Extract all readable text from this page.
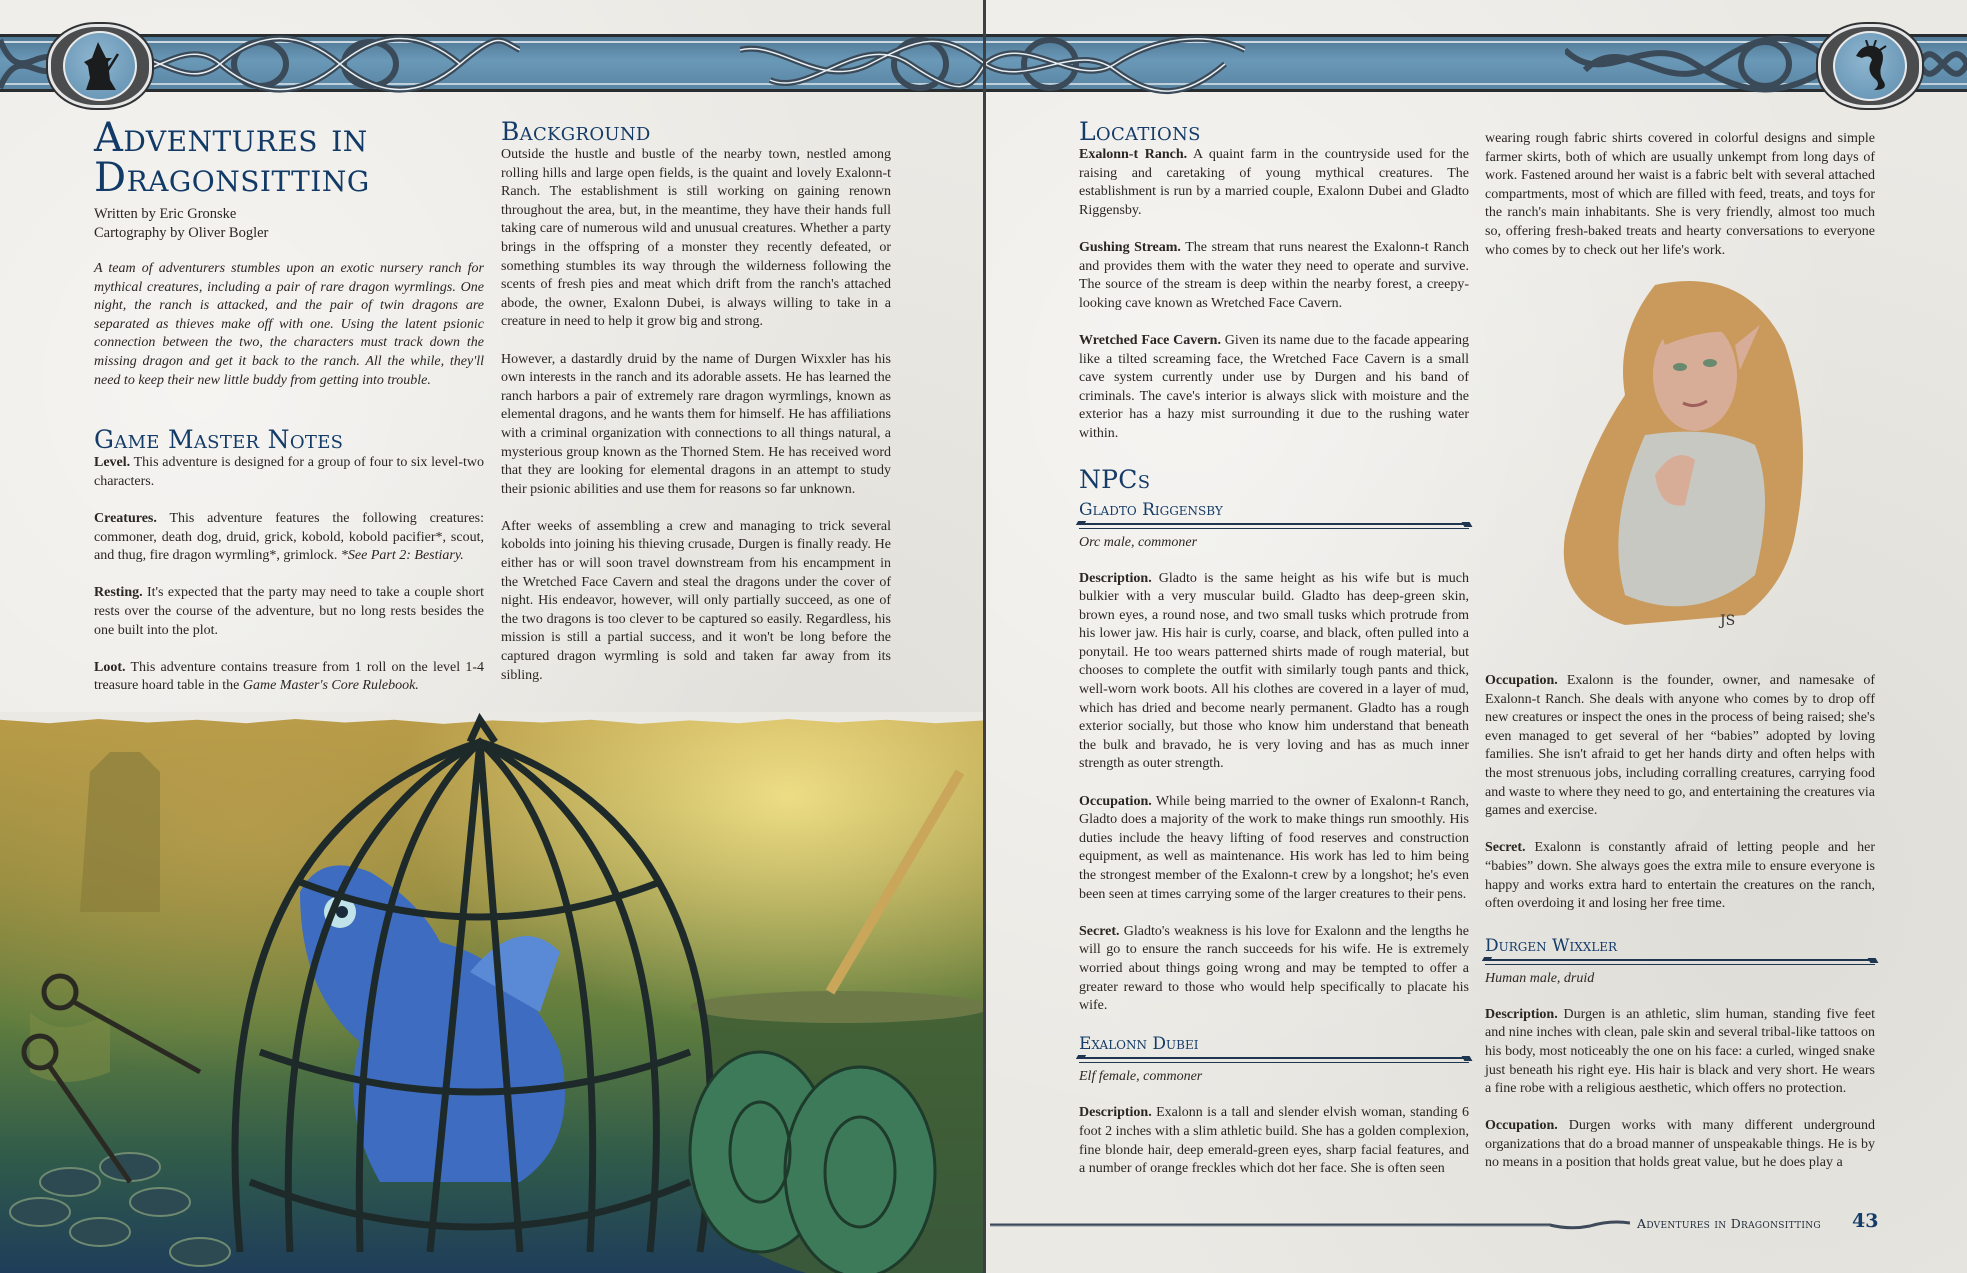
Adventures in
Dragonsitting
Written by Eric Gronske
Cartography by Oliver Bogler

A team of adventurers stumbles upon an exotic nursery ranch for mythical creatures, including a pair of rare dragon wyrmlings. One night, the ranch is attacked, and the pair of twin dragons are separated as thieves make off with one. Using the latent psionic connection between the two, the characters must track down the missing dragon and get it back to the ranch. All the while, they'll need to keep their new little buddy from getting into trouble.

Game Master Notes

Level. This adventure is designed for a group of four to six level-two characters.

Creatures. This adventure features the following creatures: commoner, death dog, druid, grick, kobold, kobold pacifier*, scout, and thug, fire dragon wyrmling*, grimlock. *See Part 2: Bestiary.

Resting. It's expected that the party may need to take a couple short rests over the course of the adventure, but no long rests besides the one built into the plot.

Loot. This adventure contains treasure from 1 roll on the level 1-4 treasure hoard table in the Game Master's Core Rulebook.

Background

Outside the hustle and bustle of the nearby town, nestled among rolling hills and large open fields, is the quaint and lovely Exalonn-t Ranch. The establishment is still working on gaining renown throughout the area, but, in the meantime, they have their hands full taking care of numerous wild and unusual creatures. Whether a party brings in the offspring of a monster they recently defeated, or something stumbles its way through the wilderness following the scents of fresh pies and meat which drift from the ranch's attached abode, the owner, Exalonn Dubei, is always willing to take in a creature in need to help it grow big and strong.

However, a dastardly druid by the name of Durgen Wixxler has his own interests in the ranch and its adorable assets. He has learned the ranch harbors a pair of extremely rare dragon wyrmlings, known as elemental dragons, and he wants them for himself. He has affiliations with a criminal organization with connections to all things natural, a mysterious group known as the Thorned Stem. He has received word that they are looking for elemental dragons in an attempt to study their psionic abilities and use them for reasons so far unknown.

After weeks of assembling a crew and managing to trick several kobolds into joining his thieving crusade, Durgen is finally ready. He either has or will soon travel downstream from his encampment in the Wretched Face Cavern and steal the dragons under the cover of night. His endeavor, however, will only partially succeed, as one of the two dragons is too clever to be captured so easily. Regardless, his mission is still a partial success, and it won't be long before the captured dragon wyrmling is sold and taken far away from its sibling.

Locations

Exalonn-t Ranch. A quaint farm in the countryside used for the raising and caretaking of young mythical creatures. The establishment is run by a married couple, Exalonn Dubei and Gladto Riggensby.

Gushing Stream. The stream that runs nearest the Exalonn-t Ranch and provides them with the water they need to operate and survive. The source of the stream is deep within the nearby forest, a creepy-looking cave known as Wretched Face Cavern.

Wretched Face Cavern. Given its name due to the facade appearing like a tilted screaming face, the Wretched Face Cavern is a small cave system currently under use by Durgen and his band of criminals. The cave's interior is always slick with moisture and the exterior has a hazy mist surrounding it due to the rushing water within.

NPCs
Gladto Riggensby
Orc male, commoner

Description. Gladto is the same height as his wife but is much bulkier with a very muscular build. Gladto has deep-green skin, brown eyes, a round nose, and two small tusks which protrude from his lower jaw. His hair is curly, coarse, and black, often pulled into a ponytail. He too wears patterned shirts made of rough material, but chooses to complete the outfit with similarly tough pants and thick, well-worn work boots. All his clothes are covered in a layer of mud, which has dried and become nearly permanent. Gladto has a rough exterior socially, but those who know him understand that beneath the bulk and bravado, he is very loving and has as much inner strength as outer strength.

Occupation. While being married to the owner of Exalonn-t Ranch, Gladto does a majority of the work to make things run smoothly. His duties include the heavy lifting of food reserves and construction equipment, as well as maintenance. His work has led to him being the strongest member of the Exalonn-t crew by a longshot; he's even been seen at times carrying some of the larger creatures to their pens.

Secret. Gladto's weakness is his love for Exalonn and the lengths he will go to ensure the ranch succeeds for his wife. He is extremely worried about things going wrong and may be tempted to offer a greater reward to those who would help specifically to placate his wife.

Exalonn Dubei
Elf female, commoner

Description. Exalonn is a tall and slender elvish woman, standing 6 foot 2 inches with a slim athletic build. She has a golden complexion, fine blonde hair, deep emerald-green eyes, sharp facial features, and a number of orange freckles which dot her face. She is often seen

wearing rough fabric shirts covered in colorful designs and simple farmer skirts, both of which are usually unkempt from long days of work. Fastened around her waist is a fabric belt with several attached compartments, most of which are filled with feed, treats, and toys for the ranch's main inhabitants. She is very friendly, almost too much so, offering fresh-baked treats and hearty conversations to everyone who comes by to check out her life's work.

JS

Occupation. Exalonn is the founder, owner, and namesake of Exalonn-t Ranch. She deals with anyone who comes by to drop off new creatures or inspect the ones in the process of being raised; she's even managed to get several of her “babies” adopted by loving families. She isn't afraid to get her hands dirty and often helps with the most strenuous jobs, including corralling creatures, carrying food and waste to where they need to go, and entertaining the creatures via games and exercise.

Secret. Exalonn is constantly afraid of letting people and her “babies” down. She always goes the extra mile to ensure everyone is happy and works extra hard to entertain the creatures on the ranch, often overdoing it and losing her free time.

Durgen Wixxler
Human male, druid

Description. Durgen is an athletic, slim human, standing five feet and nine inches with clean, pale skin and several tribal-like tattoos on his body, most noticeably the one on his face: a curled, winged snake just beneath his right eye. His hair is black and very short. He wears a fine robe with a religious aesthetic, which offers no protection.

Occupation. Durgen works with many different underground organizations that do a broad manner of unspeakable things. He is by no means in a position that holds great value, but he does play a

Adventures in Dragonsitting 43
